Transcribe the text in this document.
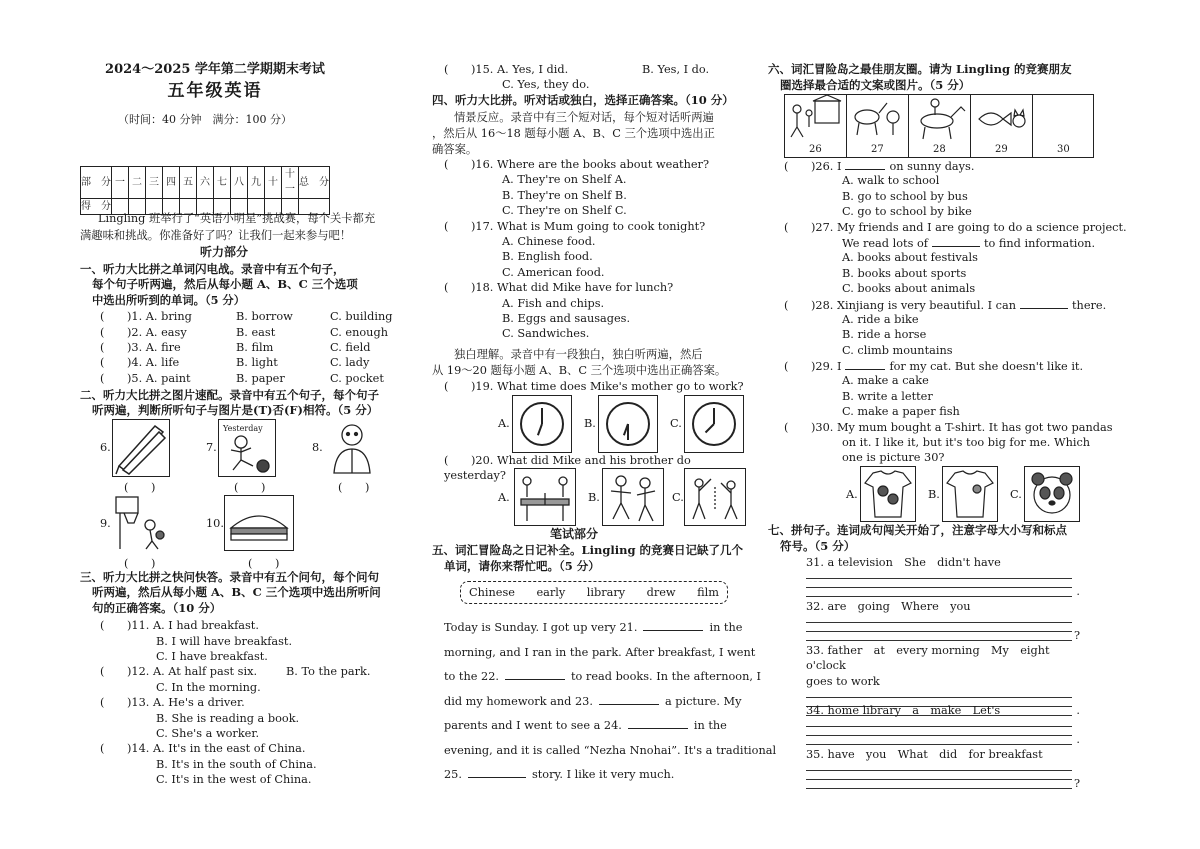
2024～2025 学年第二学期期末考试
五年级英语
（时间：40 分钟　满分：100 分）
部　分	一	二	三	四	五	六	七	八	九	十	十一	总　分
得　分												
Lingling 班举行了“英语小明星”挑战赛，每个关卡都充
满趣味和挑战。你准备好了吗？让我们一起来参与吧！
听力部分
一、听力大比拼之单词闪电战。录音中有五个句子，
每个句子听两遍，然后从每小题 A、B、C 三个选项
中选出所听到的单词。（5 分）
(　　)1. A. bring	B. borrow	C. building
(　　)2. A. easy	B. east	C. enough
(　　)3. A. fire	B. film	C. field
(　　)4. A. life	B. light	C. lady
(　　)5. A. paint	B. paper	C. pocket
二、听力大比拼之图片速配。录音中有五个句子，每个句子
听两遍，判断所听句子与图片是(T)否(F)相符。（5 分）
6.
(　　)
7.
Yesterday
(　　)
8.
(　　)
9.
(　　)
10.
(　　)
三、听力大比拼之快问快答。录音中有五个问句，每个问句
听两遍，然后从每小题 A、B、C 三个选项中选出所听问
句的正确答案。（10 分）
(　　)11. A. I had breakfast.
B. I will have breakfast.
C. I have breakfast.
(　　)12. A. At half past six.	B. To the park.
C. In the morning.
(　　)13. A. He's a driver.
B. She is reading a book.
C. She's a worker.
(　　)14. A. It's in the east of China.
B. It's in the south of China.
C. It's in the west of China.
(　　)15. A. Yes, I did.	B. Yes, I do.
C. Yes, they do.
四、听力大比拼。听对话或独白，选择正确答案。（10 分）
情景反应。录音中有三个短对话，每个短对话听两遍
，然后从 16～18 题每小题 A、B、C 三个选项中选出正
确答案。
(　　)16. Where are the books about weather?
A. They're on Shelf A.
B. They're on Shelf B.
C. They're on Shelf C.
(　　)17. What is Mum going to cook tonight?
A. Chinese food.
B. English food.
C. American food.
(　　)18. What did Mike have for lunch?
A. Fish and chips.
B. Eggs and sausages.
C. Sandwiches.
独白理解。录音中有一段独白，独白听两遍，然后
从 19～20 题每小题 A、B、C 三个选项中选出正确答案。
(　　)19. What time does Mike's mother go to work?
A.	B.	C.
(　　)20. What did Mike and his brother do yesterday?
A.	B.	C.
笔试部分
五、词汇冒险岛之日记补全。Lingling 的竞赛日记缺了几个
单词，请你来帮忙吧。（5 分）
Chinese early library drew film
Today is Sunday. I got up very 21.	in the
morning, and I ran in the park. After breakfast, I went
to the 22.	to read books. In the afternoon, I
did my homework and 23.	a picture. My
parents and I went to see a 24.	in the
evening, and it is called “Nezha Nnohai”. It's a traditional
25.	story. I like it very much.
六、词汇冒险岛之最佳朋友圈。请为 Lingling 的竞赛朋友
圈选择最合适的文案或图片。（5 分）
26	27	28	29	30
(　　)26. I	on sunny days.
A. walk to school
B. go to school by bus
C. go to school by bike
(　　)27. My friends and I are going to do a science project.
We read lots of	to find information.
A. books about festivals
B. books about sports
C. books about animals
(　　)28. Xinjiang is very beautiful. I can	there.
A. ride a bike
B. ride a horse
C. climb mountains
(　　)29. I	for my cat. But she doesn't like it.
A. make a cake
B. write a letter
C. make a paper fish
(　　)30. My mum bought a T-shirt. It has got two pandas
on it. I like it, but it's too big for me. Which
one is picture 30?
A.	B.	C.
七、拼句子。连词成句闯关开始了，注意字母大小写和标点
符号。（5 分）
31. a television　She　didn't have
.
32. are　going　Where　you
?
33. father　at　every morning　My　eight o'clock
goes to work
.
34. home library　a　make　Let's
.
35. have　you　What　did　for breakfast
?
